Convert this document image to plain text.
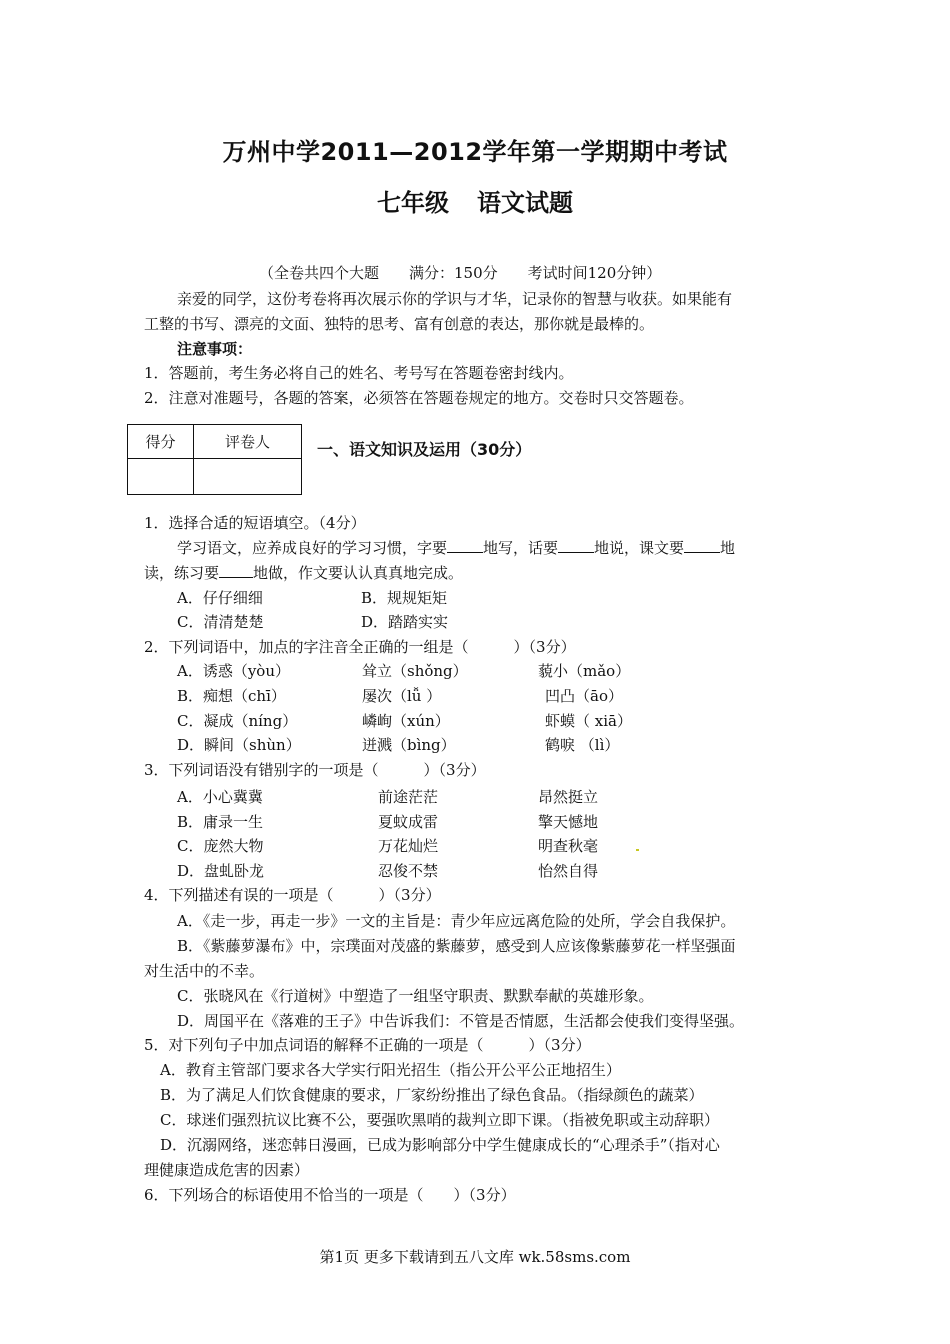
万州中学2011—2012学年第一学期期中考试
七年级 语文试题
（全卷共四个大题　　满分：150分　　考试时间120分钟）
亲爱的同学，这份考卷将再次展示你的学识与才华，记录你的智慧与收获。如果能有
工整的书写、漂亮的文面、独特的思考、富有创意的表达，那你就是最棒的。
注意事项：
1．答题前，考生务必将自己的姓名、考号写在答题卷密封线内。
2．注意对准题号，各题的答案，必须答在答题卷规定的地方。交卷时只交答题卷。
得分	评卷人
		一、语文知识及运用（30分）
1．选择合适的短语填空。（4分）
学习语文，应养成良好的学习习惯，字要 地写，话要 地说，课文要 地
读，练习要 地做，作文要认认真真地完成。
A．仔仔细细	B．规规矩矩
C．清清楚楚	D．踏踏实实
2．下列词语中，加点的字注音全正确的一组是（　　　）（3分）
A．诱惑（yòu）	耸立（shǒng）	藐小（mǎo）
B．痴想（chī）	屡次（lǚ ）	凹凸（āo）
C．凝成（níng）	嶙峋（xún）	虾蟆（ xiā）
D．瞬间（shùn）	迸溅（bìng）	鹤唳 （lì）
3．下列词语没有错别字的一项是（　　　）（3分）
A．小心冀冀	前途茫茫	昂然挺立
B．庸录一生	夏蚊成雷	擎天憾地
C．庞然大物	万花灿烂	明查秋毫
D．盘虬卧龙	忍俊不禁	怡然自得
4．下列描述有误的一项是（　　　）（3分）
A．《走一步，再走一步》一文的主旨是：青少年应远离危险的处所，学会自我保护。
B．《紫藤萝瀑布》中，宗璞面对茂盛的紫藤萝，感受到人应该像紫藤萝花一样坚强面
对生活中的不幸。
C．张晓风在《行道树》中塑造了一组坚守职责、默默奉献的英雄形象。
D．周国平在《落难的王子》中告诉我们：不管是否情愿，生活都会使我们变得坚强。
5．对下列句子中加点词语的解释不正确的一项是（　　　）（3分）
A．教育主管部门要求各大学实行阳光招生（指公开公平公正地招生）
B．为了满足人们饮食健康的要求，厂家纷纷推出了绿色食品。（指绿颜色的蔬菜）
C．球迷们强烈抗议比赛不公，要强吹黑哨的裁判立即下课。（指被免职或主动辞职）
D．沉溺网络，迷恋韩日漫画，已成为影响部分中学生健康成长的“心理杀手”（指对心
理健康造成危害的因素）
6．下列场合的标语使用不恰当的一项是（　　）（3分）
第1页 更多下载请到五八文库 wk.58sms.com
